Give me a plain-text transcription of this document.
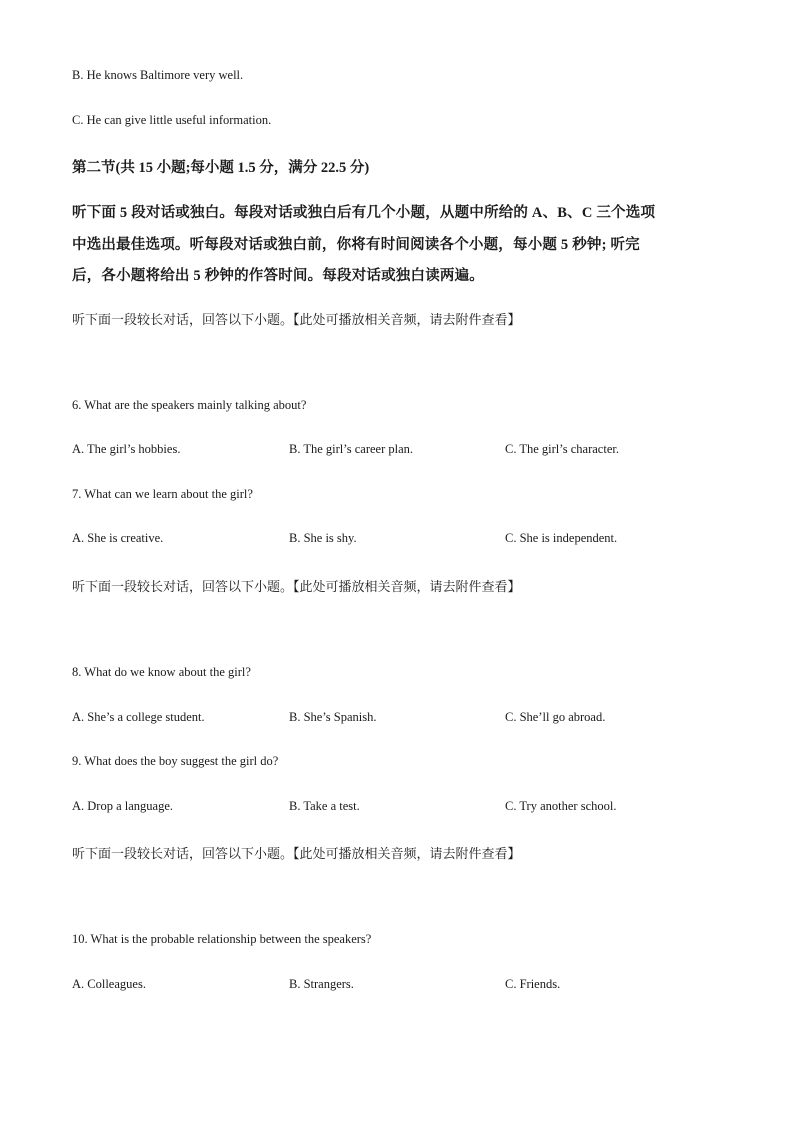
B. He knows Baltimore very well.
C. He can give little useful information.
第二节(共 15 小题;每小题 1.5 分，满分 22.5 分)
听下面 5 段对话或独白。每段对话或独白后有几个小题，从题中所给的 A、B、C 三个选项
中选出最佳选项。听每段对话或独白前，你将有时间阅读各个小题，每小题 5 秒钟; 听完
后，各小题将给出 5 秒钟的作答时间。每段对话或独白读两遍。
听下面一段较长对话，回答以下小题。【此处可播放相关音频，请去附件查看】
6. What are the speakers mainly talking about?
A. The girl’s hobbies.	B. The girl’s career plan.	C. The girl’s character.
7. What can we learn about the girl?
A. She is creative.	B. She is shy.	C. She is independent.
听下面一段较长对话，回答以下小题。【此处可播放相关音频，请去附件查看】
8. What do we know about the girl?
A. She’s a college student.	B. She’s Spanish.	C. She’ll go abroad.
9. What does the boy suggest the girl do?
A. Drop a language.	B. Take a test.	C. Try another school.
听下面一段较长对话，回答以下小题。【此处可播放相关音频，请去附件查看】
10. What is the probable relationship between the speakers?
A. Colleagues.	B. Strangers.	C. Friends.
